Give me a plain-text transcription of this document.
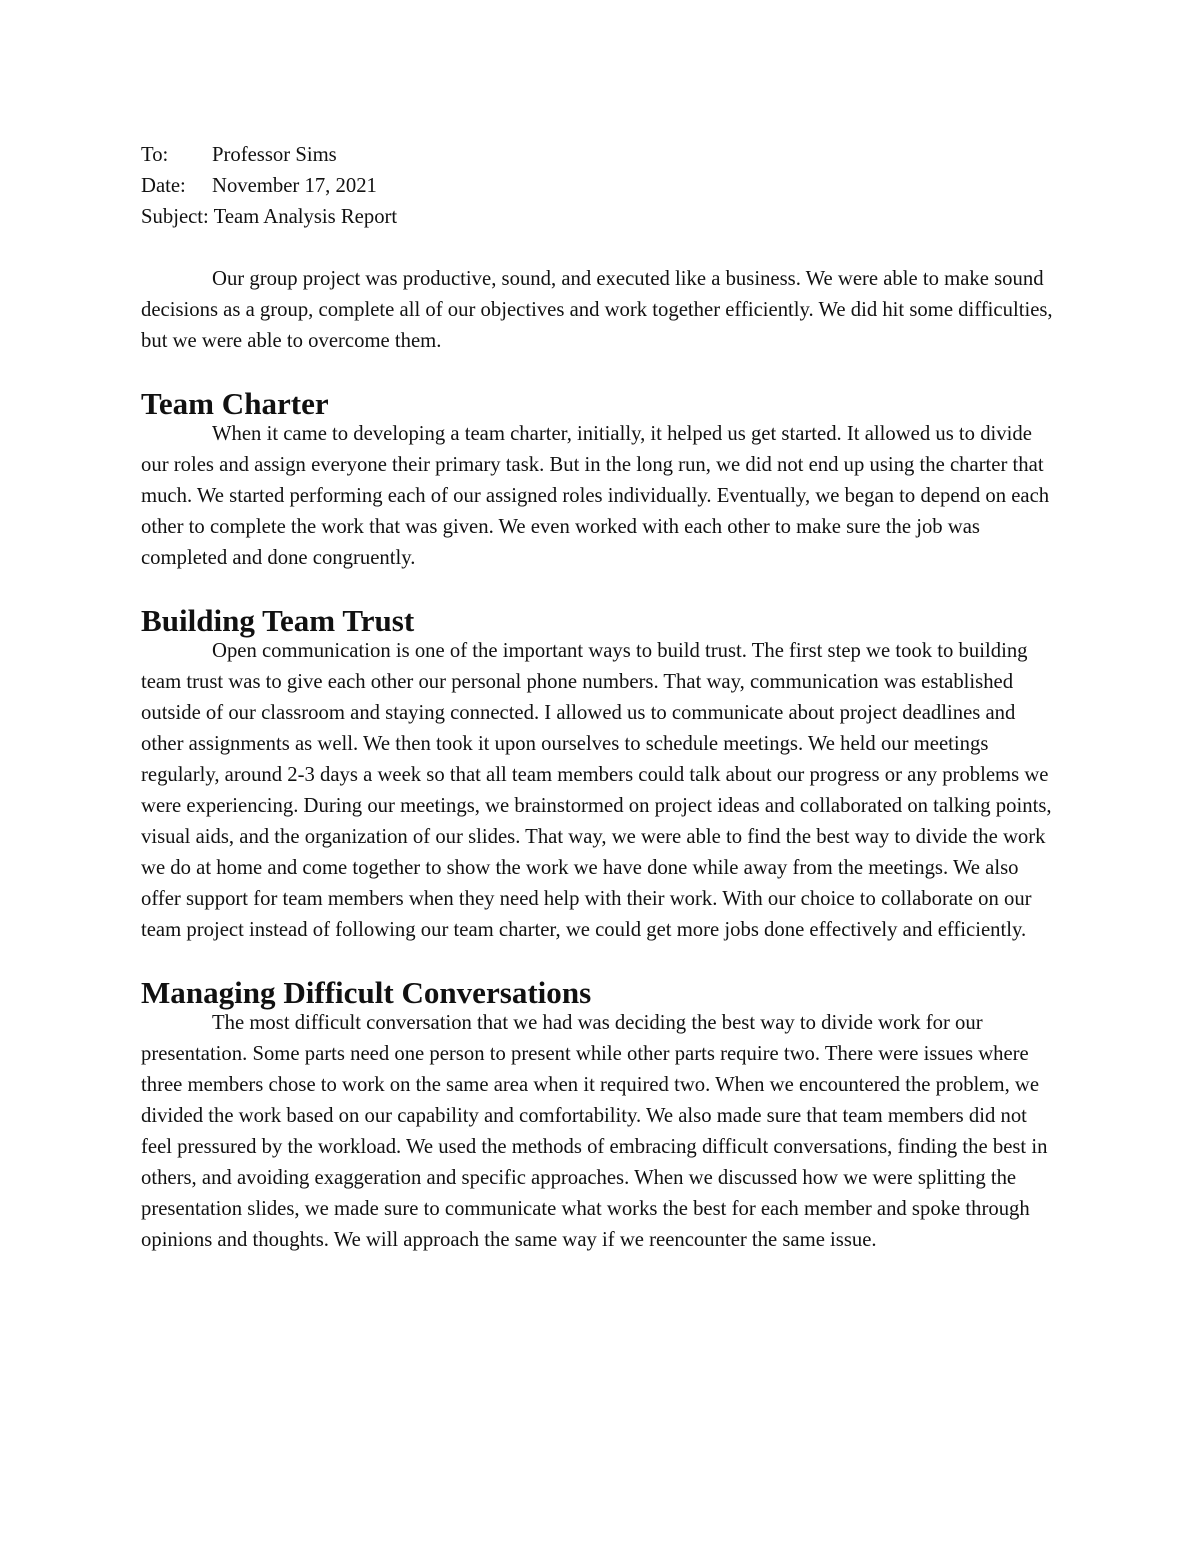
To:	Professor Sims
Date:	November 17, 2021
Subject: Team Analysis Report

Our group project was productive, sound, and executed like a business. We were able to make sound decisions as a group, complete all of our objectives and work together efficiently. We did hit some difficulties, but we were able to overcome them.

Team Charter

When it came to developing a team charter, initially, it helped us get started. It allowed us to divide our roles and assign everyone their primary task. But in the long run, we did not end up using the charter that much. We started performing each of our assigned roles individually. Eventually, we began to depend on each other to complete the work that was given. We even worked with each other to make sure the job was completed and done congruently.

Building Team Trust

Open communication is one of the important ways to build trust. The first step we took to building team trust was to give each other our personal phone numbers. That way, communication was established outside of our classroom and staying connected. I allowed us to communicate about project deadlines and other assignments as well. We then took it upon ourselves to schedule meetings. We held our meetings regularly, around 2-3 days a week so that all team members could talk about our progress or any problems we were experiencing. During our meetings, we brainstormed on project ideas and collaborated on talking points, visual aids, and the organization of our slides. That way, we were able to find the best way to divide the work we do at home and come together to show the work we have done while away from the meetings. We also offer support for team members when they need help with their work. With our choice to collaborate on our team project instead of following our team charter, we could get more jobs done effectively and efficiently.

Managing Difficult Conversations

The most difficult conversation that we had was deciding the best way to divide work for our presentation. Some parts need one person to present while other parts require two. There were issues where three members chose to work on the same area when it required two. When we encountered the problem, we divided the work based on our capability and comfortability. We also made sure that team members did not feel pressured by the workload. We used the methods of embracing difficult conversations, finding the best in others, and avoiding exaggeration and specific approaches. When we discussed how we were splitting the presentation slides, we made sure to communicate what works the best for each member and spoke through opinions and thoughts. We will approach the same way if we reencounter the same issue.
